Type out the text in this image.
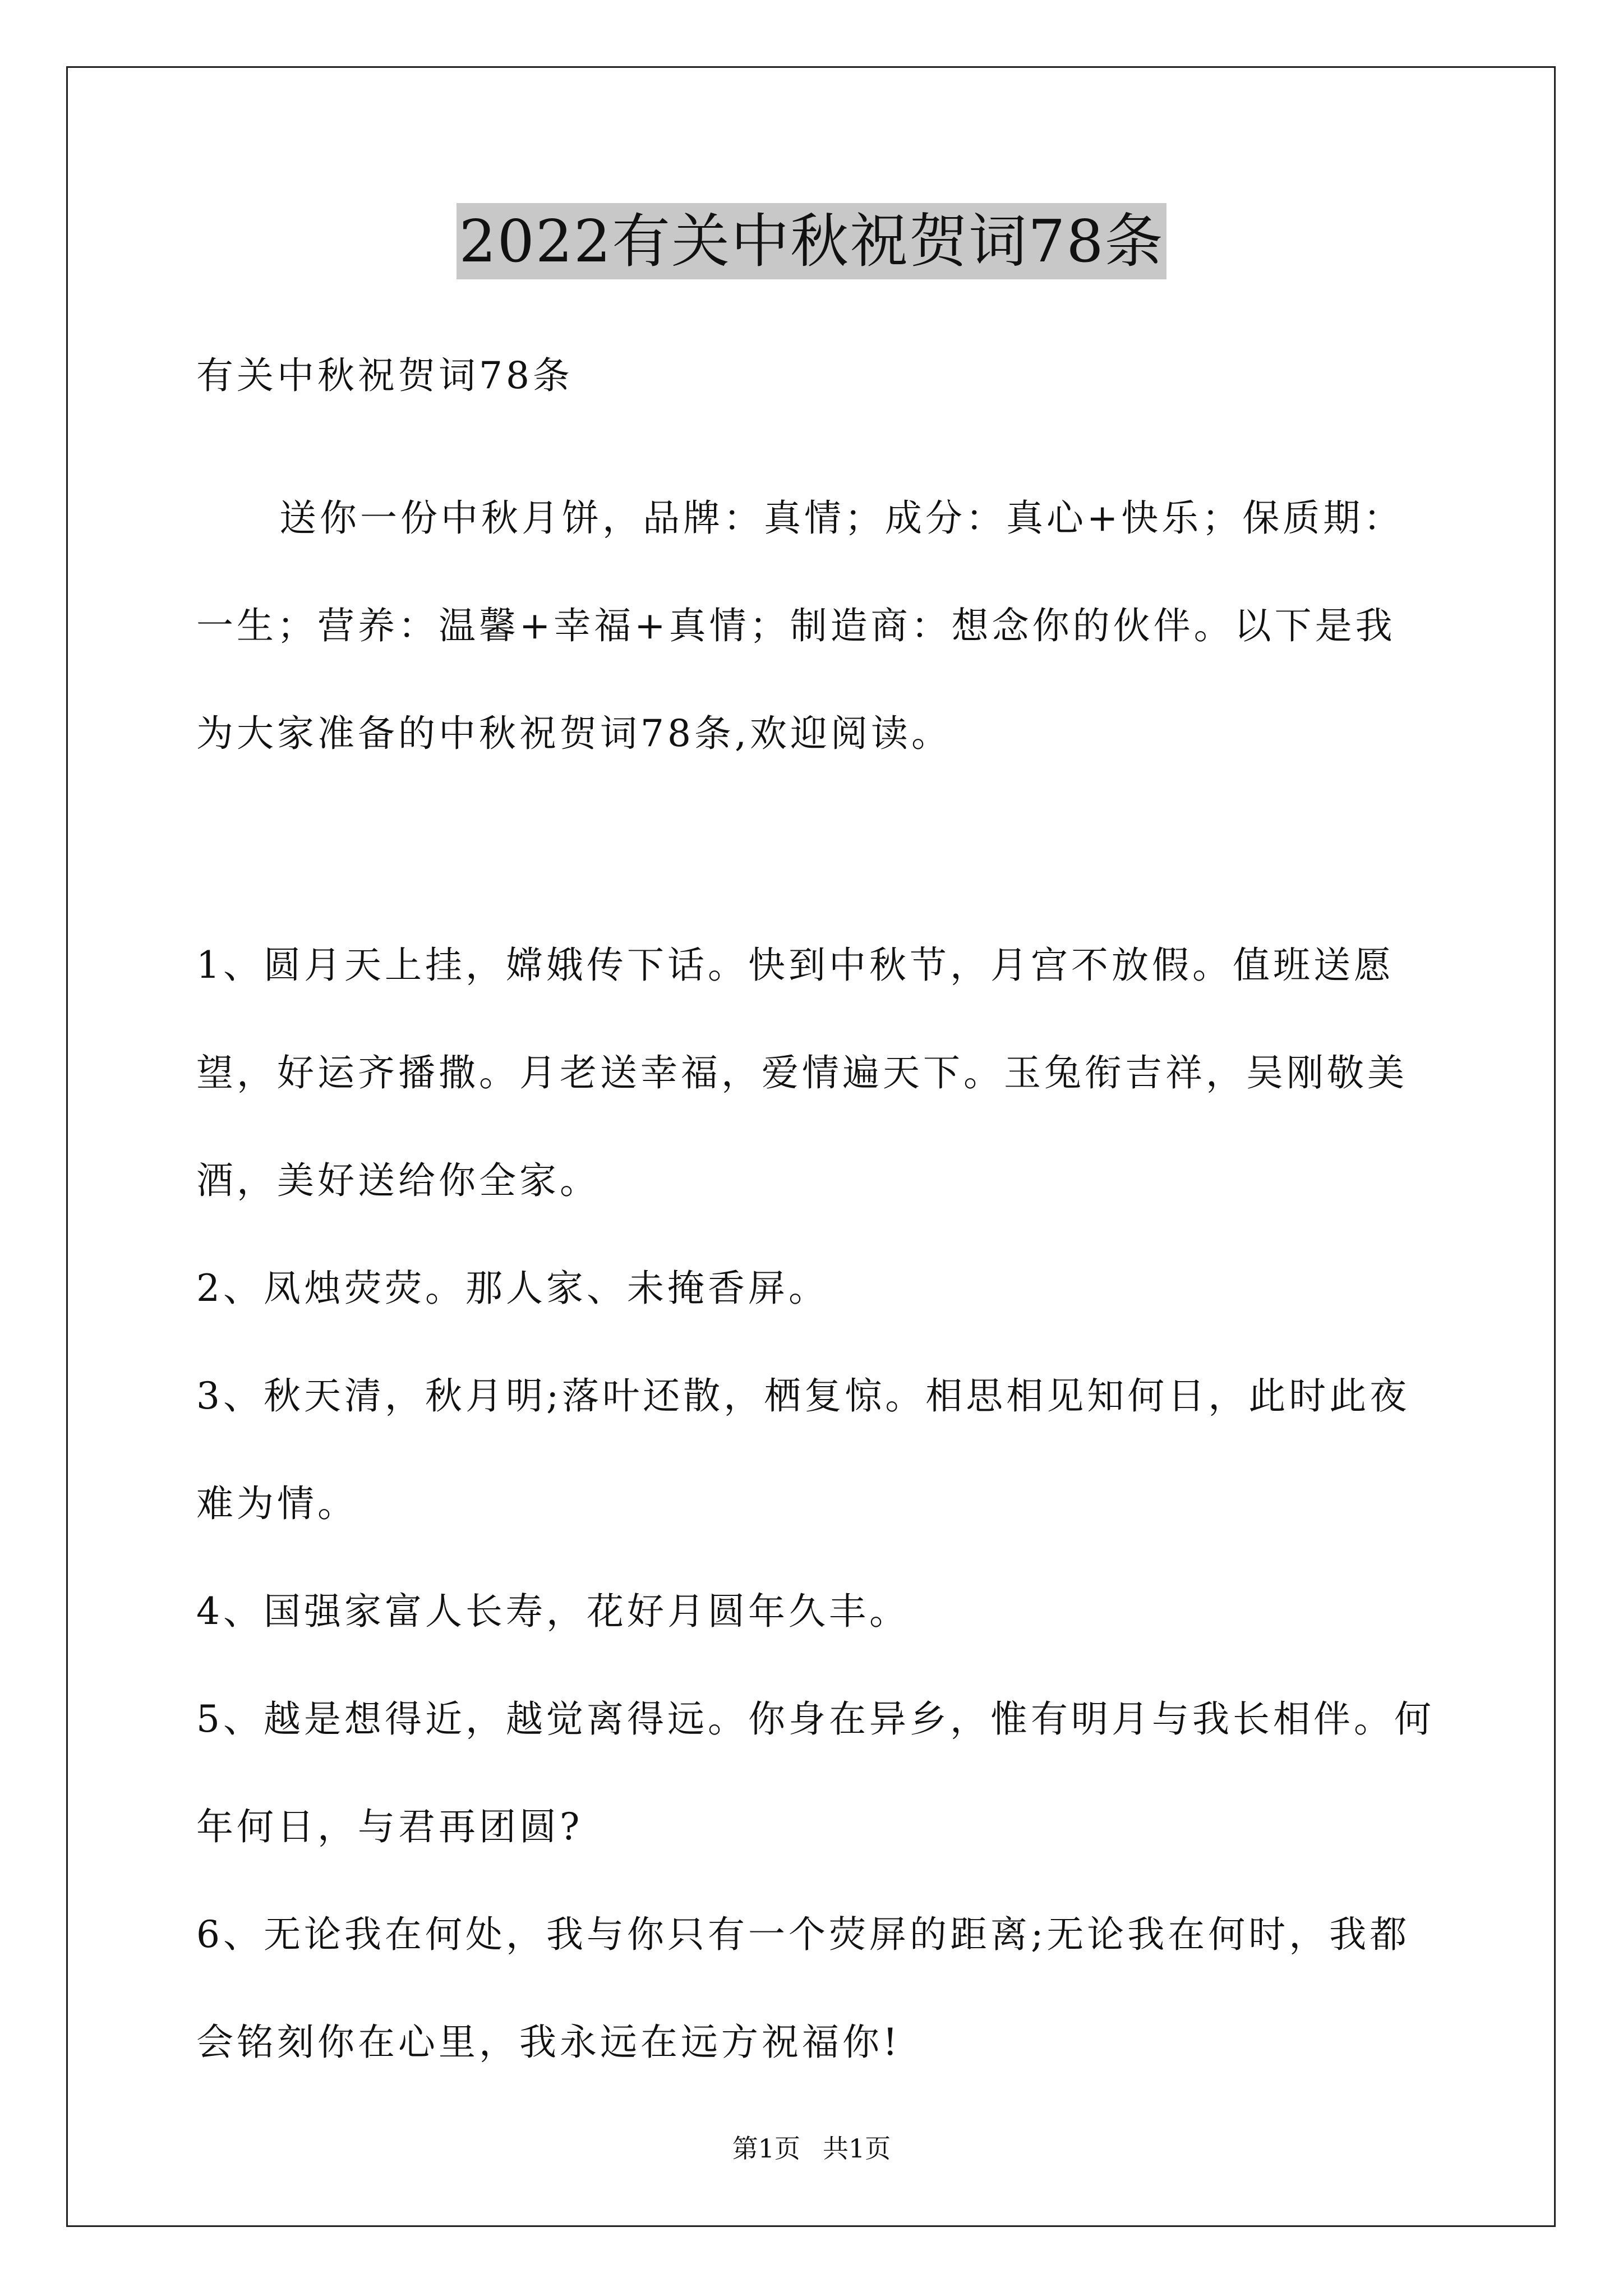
2022有关中秋祝贺词78条

有关中秋祝贺词78条

送你一份中秋月饼，品牌：真情；成分：真心+快乐；保质期：一生；营养：温馨+幸福+真情；制造商：想念你的伙伴。以下是我为大家准备的中秋祝贺词78条,欢迎阅读。

1、圆月天上挂，嫦娥传下话。快到中秋节，月宫不放假。值班送愿望，好运齐播撒。月老送幸福，爱情遍天下。玉兔衔吉祥，吴刚敬美酒，美好送给你全家。
2、凤烛荧荧。那人家、未掩香屏。
3、秋天清，秋月明;落叶还散，栖复惊。相思相见知何日，此时此夜难为情。
4、国强家富人长寿，花好月圆年久丰。
5、越是想得近，越觉离得远。你身在异乡，惟有明月与我长相伴。何年何日，与君再团圆?
6、无论我在何处，我与你只有一个荧屏的距离;无论我在何时，我都会铭刻你在心里，我永远在远方祝福你!
第1页 共1页
